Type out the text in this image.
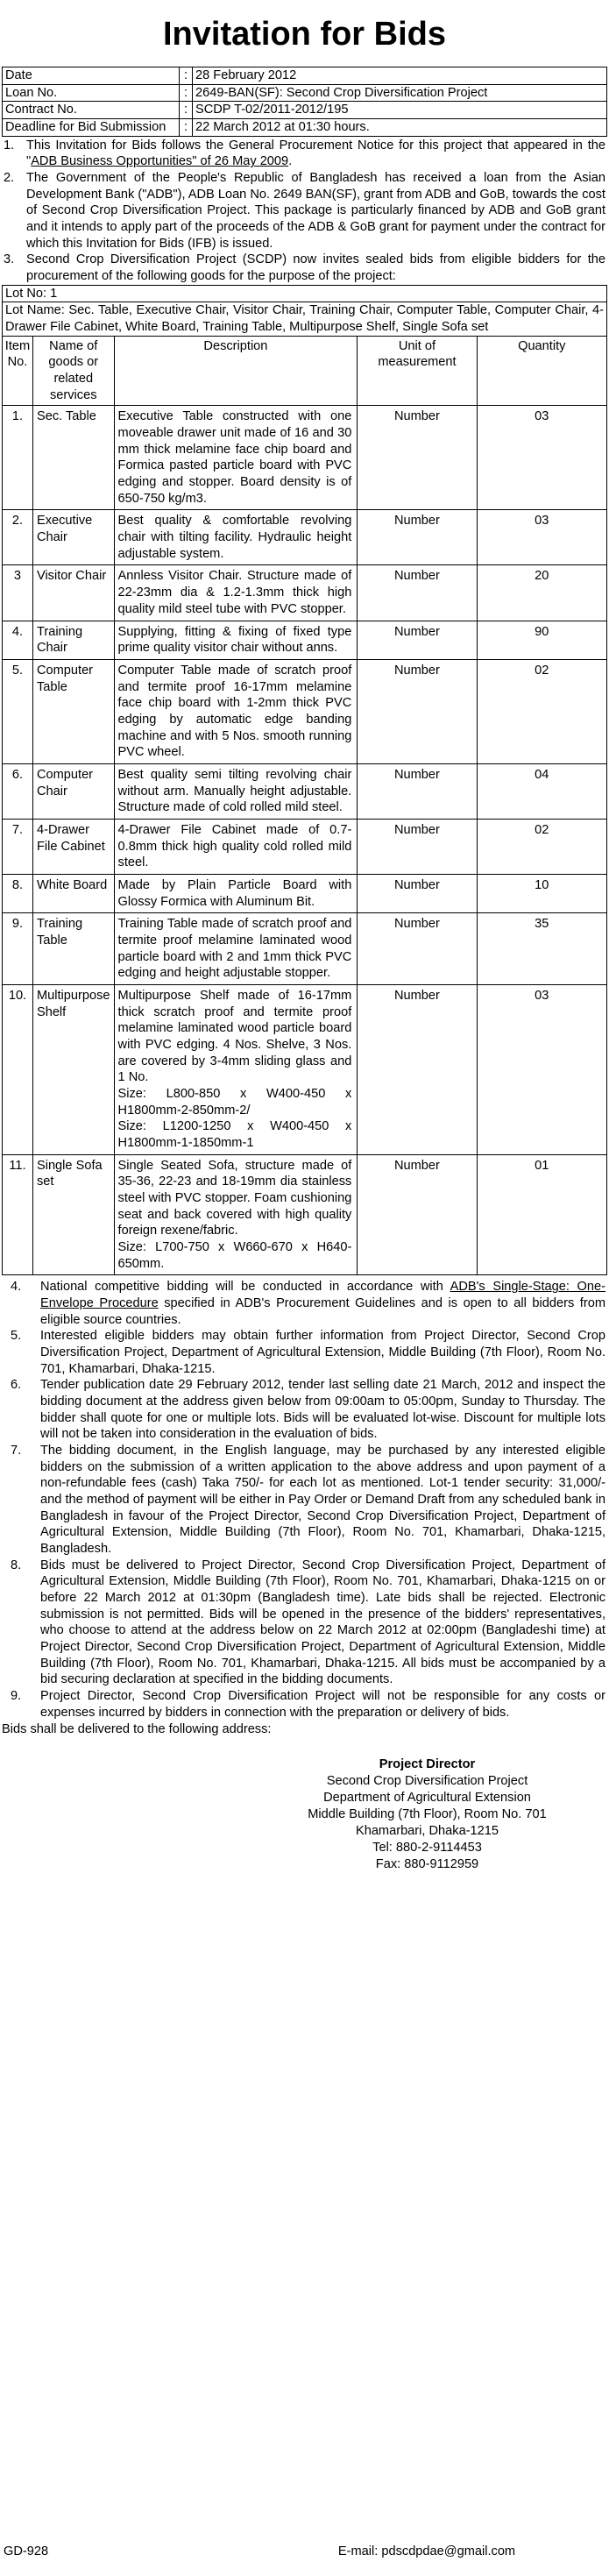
Invitation for Bids
Date	:	28 February 2012
Loan No.	:	2649-BAN(SF): Second Crop Diversification Project
Contract No.	:	SCDP T-02/2011-2012/195
Deadline for Bid Submission	:	22 March 2012 at 01:30 hours.
1. This Invitation for Bids follows the General Procurement Notice for this project that appeared in the "ADB Business Opportunities" of 26 May 2009.
2. The Government of the People's Republic of Bangladesh has received a loan from the Asian Development Bank ("ADB"), ADB Loan No. 2649 BAN(SF), grant from ADB and GoB, towards the cost of Second Crop Diversification Project. This package is particularly financed by ADB and GoB grant and it intends to apply part of the proceeds of the ADB & GoB grant for payment under the contract for which this Invitation for Bids (IFB) is issued.
3. Second Crop Diversification Project (SCDP) now invites sealed bids from eligible bidders for the procurement of the following goods for the purpose of the project:
Lot No: 1
Lot Name: Sec. Table, Executive Chair, Visitor Chair, Training Chair, Computer Table, Computer Chair, 4-Drawer File Cabinet, White Board, Training Table, Multipurpose Shelf, Single Sofa set
Item No.	Name of goods or related services	Description	Unit of measurement	Quantity
1.	Sec. Table	Executive Table constructed with one moveable drawer unit made of 16 and 30 mm thick melamine face chip board and Formica pasted particle board with PVC edging and stopper. Board density is of 650-750 kg/m3.	Number	03
2.	Executive Chair	Best quality & comfortable revolving chair with tilting facility. Hydraulic height adjustable system.	Number	03
3	Visitor Chair	Annless Visitor Chair. Structure made of 22-23mm dia & 1.2-1.3mm thick high quality mild steel tube with PVC stopper.	Number	20
4.	Training Chair	Supplying, fitting & fixing of fixed type prime quality visitor chair without anns.	Number	90
5.	Computer Table	Computer Table made of scratch proof and termite proof 16-17mm melamine face chip board with 1-2mm thick PVC edging by automatic edge banding machine and with 5 Nos. smooth running PVC wheel.	Number	02
6.	Computer Chair	Best quality semi tilting revolving chair without arm. Manually height adjustable. Structure made of cold rolled mild steel.	Number	04
7.	4-Drawer File Cabinet	4-Drawer File Cabinet made of 0.7-0.8mm thick high quality cold rolled mild steel.	Number	02
8.	White Board	Made by Plain Particle Board with Glossy Formica with Aluminum Bit.	Number	10
9.	Training Table	Training Table made of scratch proof and termite proof melamine laminated wood particle board with 2 and 1mm thick PVC edging and height adjustable stopper.	Number	35
10.	Multipurpose Shelf	Multipurpose Shelf made of 16-17mm thick scratch proof and termite proof melamine laminated wood particle board with PVC edging. 4 Nos. Shelve, 3 Nos. are covered by 3-4mm sliding glass and 1 No.
Size: L800-850 x W400-450 x H1800mm-2-850mm-2/
Size: L1200-1250 x W400-450 x H1800mm-1-1850mm-1	Number	03
11.	Single Sofa set	Single Seated Sofa, structure made of 35-36, 22-23 and 18-19mm dia stainless steel with PVC stopper. Foam cushioning seat and back covered with high quality foreign rexene/fabric.
Size: L700-750 x W660-670 x H640-650mm.	Number	01
4.	National competitive bidding will be conducted in accordance with ADB's Single-Stage: One-Envelope Procedure specified in ADB's Procurement Guidelines and is open to all bidders from eligible source countries.
5.	Interested eligible bidders may obtain further information from Project Director, Second Crop Diversification Project, Department of Agricultural Extension, Middle Building (7th Floor), Room No. 701, Khamarbari, Dhaka-1215.
6.	Tender publication date 29 February 2012, tender last selling date 21 March, 2012 and inspect the bidding document at the address given below from 09:00am to 05:00pm, Sunday to Thursday. The bidder shall quote for one or multiple lots. Bids will be evaluated lot-wise. Discount for multiple lots will not be taken into consideration in the evaluation of bids.
7.	The bidding document, in the English language, may be purchased by any interested eligible bidders on the submission of a written application to the above address and upon payment of a non-refundable fees (cash) Taka 750/- for each lot as mentioned. Lot-1 tender security: 31,000/- and the method of payment will be either in Pay Order or Demand Draft from any scheduled bank in Bangladesh in favour of the Project Director, Second Crop Diversification Project, Department of Agricultural Extension, Middle Building (7th Floor), Room No. 701, Khamarbari, Dhaka-1215, Bangladesh.
8.	Bids must be delivered to Project Director, Second Crop Diversification Project, Department of Agricultural Extension, Middle Building (7th Floor), Room No. 701, Khamarbari, Dhaka-1215 on or before 22 March 2012 at 01:30pm (Bangladesh time). Late bids shall be rejected. Electronic submission is not permitted. Bids will be opened in the presence of the bidders' representatives, who choose to attend at the address below on 22 March 2012 at 02:00pm (Bangladeshi time) at Project Director, Second Crop Diversification Project, Department of Agricultural Extension, Middle Building (7th Floor), Room No. 701, Khamarbari, Dhaka-1215. All bids must be accompanied by a bid securing declaration at specified in the bidding documents.
9.	Project Director, Second Crop Diversification Project will not be responsible for any costs or expenses incurred by bidders in connection with the preparation or delivery of bids.
Bids shall be delivered to the following address:
Project Director
Second Crop Diversification Project
Department of Agricultural Extension
Middle Building (7th Floor), Room No. 701
Khamarbari, Dhaka-1215
Tel: 880-2-9114453
Fax: 880-9112959
GD-928	E-mail: pdscdpdae@gmail.com
